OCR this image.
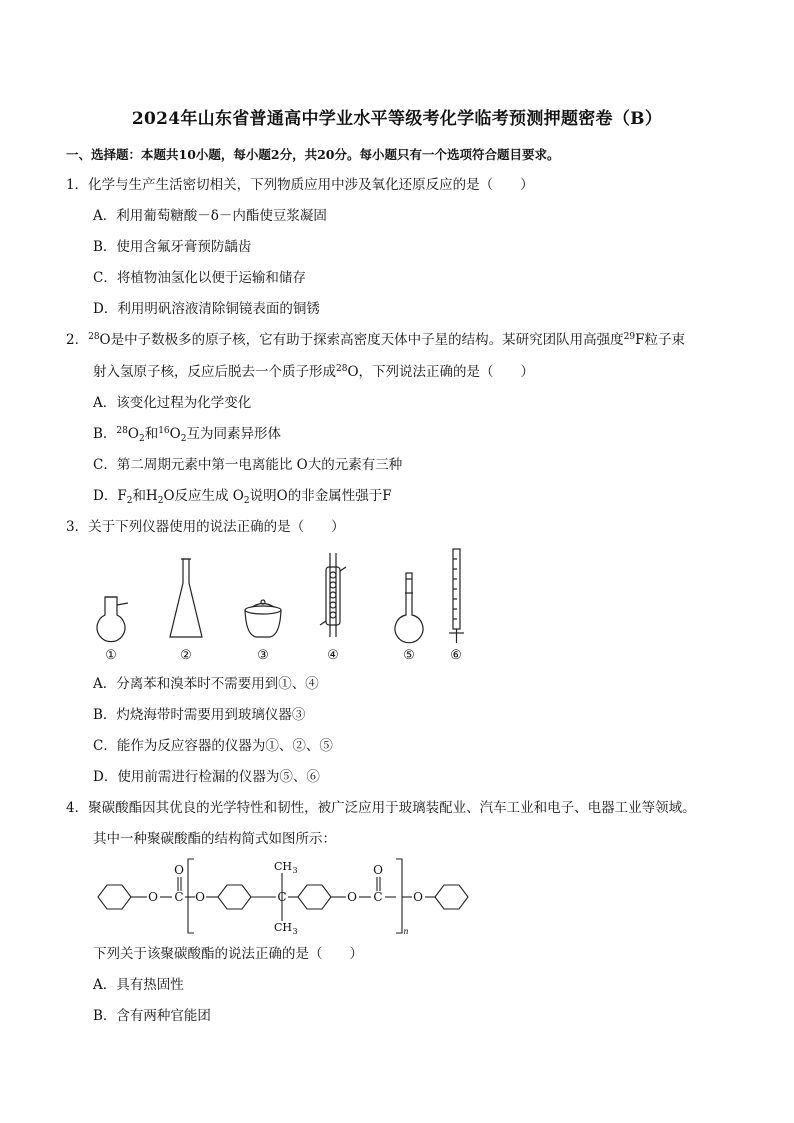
2024年山东省普通高中学业水平等级考化学临考预测押题密卷（B）
一、选择题：本题共10小题，每小题2分，共20分。每小题只有一个选项符合题目要求。
1．化学与生产生活密切相关，下列物质应用中涉及氧化还原反应的是（　　）
A．利用葡萄糖酸－δ－内酯使豆浆凝固
B．使用含氟牙膏预防龋齿
C．将植物油氢化以便于运输和储存
D．利用明矾溶液清除铜镜表面的铜锈
2．$^{28}$O是中子数极多的原子核，它有助于探索高密度天体中子星的结构。某研究团队用高强度$^{29}$F粒子束
射入氢原子核，反应后脱去一个质子形成$^{28}$O，下列说法正确的是（　　）
A．该变化过程为化学变化
B．$^{28}O_2$和$^{16}O_2$互为同素异形体
C．第二周期元素中第一电离能比 O大的元素有三种
D．$F_2$和$H_2O$反应生成 $O_2$说明O的非金属性强于F
3．关于下列仪器使用的说法正确的是（　　）
①	②	③	④	⑤	⑥
A．分离苯和溴苯时不需要用到①、④
B．灼烧海带时需要用到玻璃仪器③
C．能作为反应容器的仪器为①、②、⑤
D．使用前需进行检漏的仪器为⑤、⑥
4．聚碳酸酯因其优良的光学特性和韧性，被广泛应用于玻璃装配业、汽车工业和电子、电器工业等领域。
其中一种聚碳酸酯的结构简式如图所示：
O C
O
O	C
CH 3
CH 3
O C
O
O
n
下列关于该聚碳酸酯的说法正确的是（　　）
A．具有热固性
B．含有两种官能团
